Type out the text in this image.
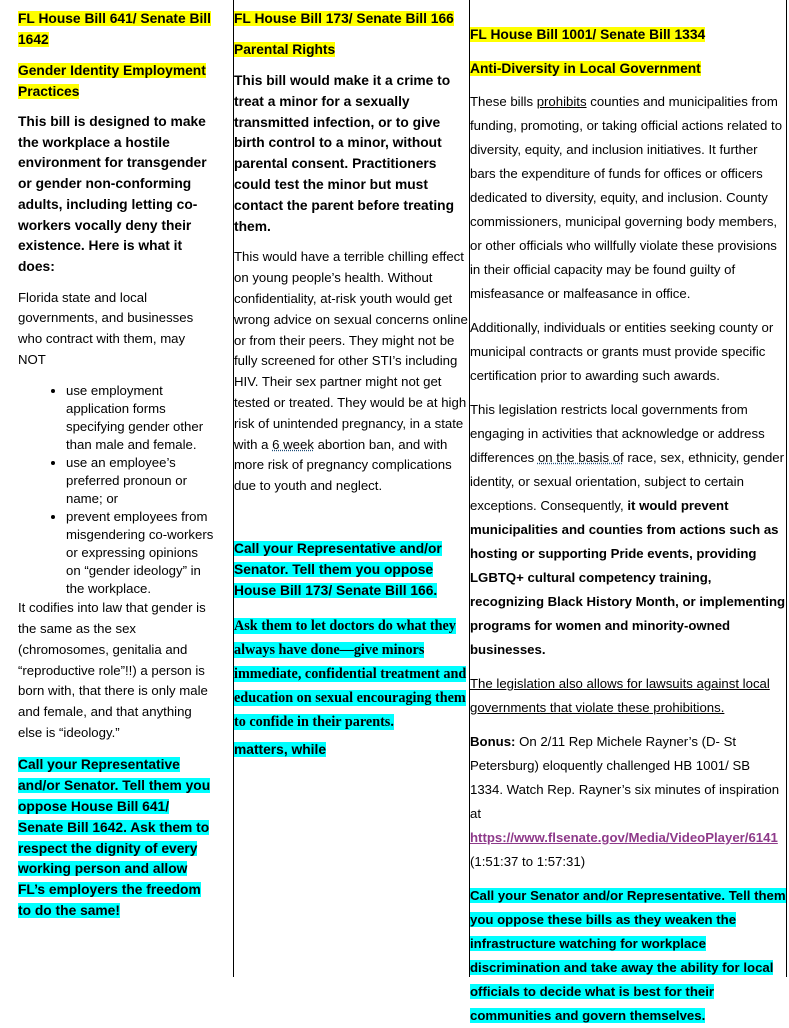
FL House Bill 641/ Senate Bill 1642

Gender Identity Employment Practices

This bill is designed to make the workplace a hostile environment for transgender or gender non-conforming adults, including letting co-workers vocally deny their existence. Here is what it does:

Florida state and local governments, and businesses who contract with them, may NOT

• use employment application forms specifying gender other than male and female.
• use an employee’s preferred pronoun or name; or
• prevent employees from misgendering co-workers or expressing opinions on “gender ideology” in the workplace.

It codifies into law that gender is the same as the sex (chromosomes, genitalia and “reproductive role”!!) a person is born with, that there is only male and female, and that anything else is “ideology.”

Call your Representative and/or Senator. Tell them you oppose House Bill 641/ Senate Bill 1642. Ask them to respect the dignity of every working person and allow FL’s employers the freedom to do the same!

FL House Bill 173/ Senate Bill 166

Parental Rights

This bill would make it a crime to treat a minor for a sexually transmitted infection, or to give birth control to a minor, without parental consent. Practitioners could test the minor but must contact the parent before treating them.

This would have a terrible chilling effect on young people’s health. Without confidentiality, at-risk youth would get wrong advice on sexual concerns online or from their peers. They might not be fully screened for other STI’s including HIV. Their sex partner might not get tested or treated. They would be at high risk of unintended pregnancy, in a state with a 6 week abortion ban, and with more risk of pregnancy complications due to youth and neglect.

Call your Representative and/or Senator. Tell them you oppose House Bill 173/ Senate Bill 166.

Ask them to let doctors do what they always have done—give minors immediate, confidential treatment and education on sexual encouraging them to confide in their parents.

matters, while

FL House Bill 1001/ Senate Bill 1334

Anti-Diversity in Local Government

These bills prohibits counties and municipalities from funding, promoting, or taking official actions related to diversity, equity, and inclusion initiatives. It further bars the expenditure of funds for offices or officers dedicated to diversity, equity, and inclusion. County commissioners, municipal governing body members, or other officials who willfully violate these provisions in their official capacity may be found guilty of misfeasance or malfeasance in office.

Additionally, individuals or entities seeking county or municipal contracts or grants must provide specific certification prior to awarding such awards.

This legislation restricts local governments from engaging in activities that acknowledge or address differences on the basis of race, sex, ethnicity, gender identity, or sexual orientation, subject to certain exceptions. Consequently, it would prevent municipalities and counties from actions such as hosting or supporting Pride events, providing LGBTQ+ cultural competency training, recognizing Black History Month, or implementing programs for women and minority-owned businesses.

The legislation also allows for lawsuits against local governments that violate these prohibitions.

Bonus: On 2/11 Rep Michele Rayner’s (D- St Petersburg) eloquently challenged HB 1001/ SB 1334. Watch Rep. Rayner’s six minutes of inspiration at https://www.flsenate.gov/Media/VideoPlayer/6141 (1:51:37 to 1:57:31)

Call your Senator and/or Representative. Tell them you oppose these bills as they weaken the infrastructure watching for workplace discrimination and take away the ability for local officials to decide what is best for their communities and govern themselves.
